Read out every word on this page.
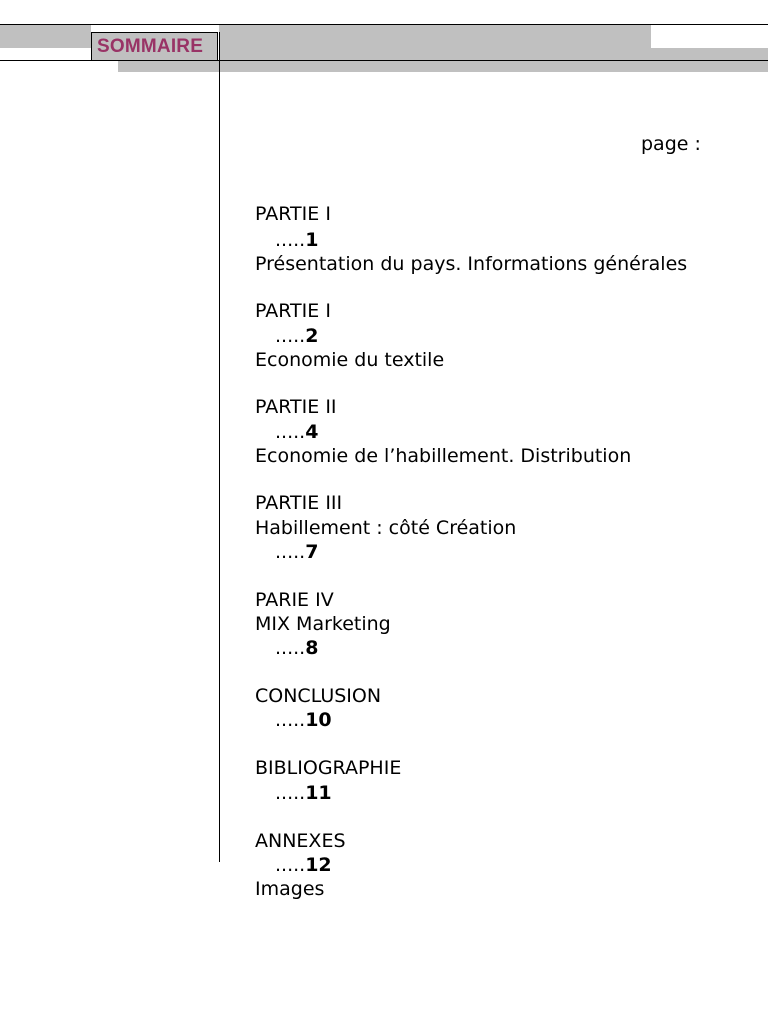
SOMMAIRE
page :
PARTIE I
.....1
Présentation du pays. Informations générales
PARTIE I
.....2
Economie du textile
PARTIE II
.....4
Economie de l’habillement. Distribution
PARTIE III
Habillement : côté Création
.....7
PARIE IV
MIX Marketing
.....8
CONCLUSION
.....10
BIBLIOGRAPHIE
.....11
ANNEXES
.....12
Images
